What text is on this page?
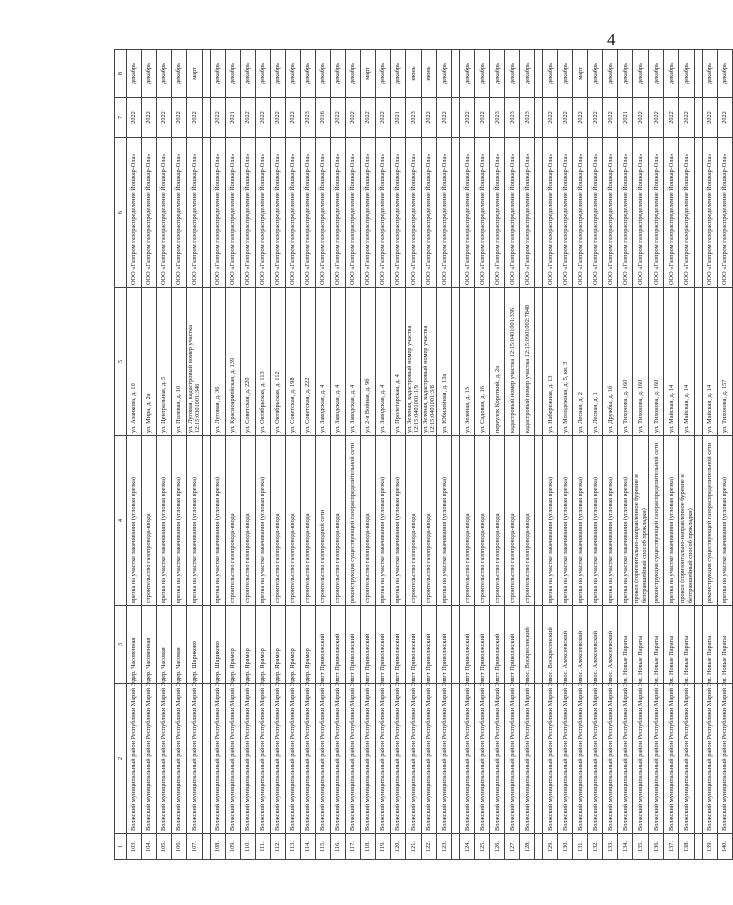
4
1	2	3	4	5	6	7	8
103.	Волжский муниципальный район Республики Марий Эл	дер. Часовенная	врезка на участке закачивания (угловая врезка)	ул. Азанкова, д. 10	ООО «Газпром газораспределение Йошкар-Ола»	2022	декабрь
104.	Волжский муниципальный район Республики Марий Эл	дер. Часовенная	строительство газопровода-ввода	ул. Мира, д. 2а	ООО «Газпром газораспределение Йошкар-Ола»	2022	декабрь
105.	Волжский муниципальный район Республики Марий Эл	дер. Часовая	врезка на участке закачивания (угловая врезка)	ул. Центральная, д. 5	ООО «Газпром газораспределение Йошкар-Ола»	2022	декабрь
106.	Волжский муниципальный район Республики Марий Эл	дер. Часовая	врезка на участке закачивания (угловая врезка)	ул. Полевая, д. 10	ООО «Газпром газораспределение Йошкар-Ола»	2022	декабрь
107.	Волжский муниципальный район Республики Марий Эл	дер. Шариково	врезка на участке закачивания (угловая врезка)	ул. Луговая, кадастровый номер участка 12:15:0301001:346	ООО «Газпром газораспределение Йошкар-Ола»	2022	март

108.	Волжский муниципальный район Республики Марий Эл	дер. Шариково	врезка на участке закачивания (угловая врезка)	ул. Луговая, д. 36	ООО «Газпром газораспределение Йошкар-Ола»	2022	декабрь
109.	Волжский муниципальный район Республики Марий Эл	дер. Ярамор	строительство газопровода-ввода	ул. Красноармейская, д. 139	ООО «Газпром газораспределение Йошкар-Ола»	2021	декабрь
110.	Волжский муниципальный район Республики Марий Эл	дер. Ярамор	строительство газопровода-ввода	ул. Советская, д. 220	ООО «Газпром газораспределение Йошкар-Ола»	2022	декабрь
111.	Волжский муниципальный район Республики Марий Эл	дер. Ярамор	врезка на участке закачивания (угловая врезка)	ул. Октябрьская, д. 113	ООО «Газпром газораспределение Йошкар-Ола»	2022	декабрь
112.	Волжский муниципальный район Республики Марий Эл	дер. Ярамор	строительство газопровода-ввода	ул. Октябрьская, д. 112	ООО «Газпром газораспределение Йошкар-Ола»	2022	декабрь
113.	Волжский муниципальный район Республики Марий Эл	дер. Ярамор	строительство газопровода-ввода	ул. Советская, д. 198	ООО «Газпром газораспределение Йошкар-Ола»	2022	декабрь
114.	Волжский муниципальный район Республики Марий Эл	дер. Ярамор	строительство газопровода-ввода	ул. Советская, д. 222	ООО «Газпром газораспределение Йошкар-Ола»	2023	декабрь
115.	Волжский муниципальный район Республики Марий Эл	пгт Приволжский	строительство газопроводной сети	ул. Заводская, д. 4	ООО «Газпром газораспределение Йошкар-Ола»	2016	декабрь
116.	Волжский муниципальный район Республики Марий Эл	пгт Приволжский	строительство газопровода-ввода	ул. Заводская, д. 4	ООО «Газпром газораспределение Йошкар-Ола»	2022	декабрь
117.	Волжский муниципальный район Республики Марий Эл	пгт Приволжский	реконструкция существующей газораспределительной сети	ул. Заводская, д. 4	ООО «Газпром газораспределение Йошкар-Ола»	2022	декабрь
118.	Волжский муниципальный район Республики Марий Эл	пгт Приволжский	строительство газопровода-ввода	ул. 2-я Войная, д. 9б	ООО «Газпром газораспределение Йошкар-Ола»	2022	март
119.	Волжский муниципальный район Республики Марий Эл	пгт Приволжский	врезка на участке закачивания (угловая врезка)	ул. Заводская, д. 4	ООО «Газпром газораспределение Йошкар-Ола»	2022	декабрь
120.	Волжский муниципальный район Республики Марий Эл	пгт Приволжский	врезка на участке закачивания (угловая врезка)	ул. Пролетарская, д. 4	ООО «Газпром газораспределение Йошкар-Ола»	2021	декабрь
121.	Волжский муниципальный район Республики Марий Эл	пгт Приволжский	строительство газопровода-ввода	ул. Зеленая, кадастровый номер участка 12:15:0401001:1/9	ООО «Газпром газораспределение Йошкар-Ола»	2023	июнь
122.	Волжский муниципальный район Республики Марий Эл	пгт Приволжский	строительство газопровода-ввода	ул. Зеленая, кадастровый номер участка 12:15:0401001:3/8	ООО «Газпром газораспределение Йошкар-Ола»	2022	июнь
123.	Волжский муниципальный район Республики Марий Эл	пгт Приволжский	врезка на участке закачивания (угловая врезка)	ул. Юбилейная, д. 13а	ООО «Газпром газораспределение Йошкар-Ола»	2022	декабрь

124.	Волжский муниципальный район Республики Марий Эл	пгт Приволжский	строительство газопровода-ввода	ул. Зеленая, д. 13	ООО «Газпром газораспределение Йошкар-Ола»	2022	декабрь
125.	Волжский муниципальный район Республики Марий Эл	пгт Приволжский	строительство газопровода-ввода	ул. Садовая, д. 16	ООО «Газпром газораспределение Йошкар-Ола»	2022	декабрь
126.	Волжский муниципальный район Республики Марий Эл	пгт Приволжский	строительство газопровода-ввода	переулок Короткий, д. 2а	ООО «Газпром газораспределение Йошкар-Ола»	2023	декабрь
127.	Волжский муниципальный район Республики Марий Эл	пгт Приволжский	строительство газопровода-ввода	кадастровый номер участка 12:15:0401001:336	ООО «Газпром газораспределение Йошкар-Ола»	2023	декабрь
128.	Волжский муниципальный район Республики Марий Эл	пос. Воскресенский	строительство газопровода-ввода	кадастровый номер участка 12:15:0901002:7848	ООО «Газпром газораспределение Йошкар-Ола»	2023	декабрь

129.	Волжский муниципальный район Республики Марий Эл	пос. Воскресенский	врезка на участке закачивания (угловая врезка)	ул. Набережная, д. 13	ООО «Газпром газораспределение Йошкар-Ола»	2022	декабрь
130.	Волжский муниципальный район Республики Марий Эл	пос. Алексеевский	врезка на участке закачивания (угловая врезка)	ул. Молодежная, д. 5, кв. 3	ООО «Газпром газораспределение Йошкар-Ола»	2022	декабрь
131.	Волжский муниципальный район Республики Марий Эл	пос. Алексеевский	врезка на участке закачивания (угловая врезка)	ул. Лесная, д. 2	ООО «Газпром газораспределение Йошкар-Ола»	2022	март
132.	Волжский муниципальный район Республики Марий Эл	пос. Алексеевский	врезка на участке закачивания (угловая врезка)	ул. Лесная, д. 1	ООО «Газпром газораспределение Йошкар-Ола»	2022	декабрь
133.	Волжский муниципальный район Республики Марий Эл	пос. Алексеевский	врезка на участке закачивания (угловая врезка)	ул. Дружбы, д. 1б	ООО «Газпром газораспределение Йошкар-Ола»	2022	декабрь
134.	Волжский муниципальный район Республики Марий Эл	с. Новые Параты	врезка на участке закачивания (угловая врезка)	ул. Тихонова, д. 160	ООО «Газпром газораспределение Йошкар-Ола»	2021	декабрь
135.	Волжский муниципальный район Республики Марий Эл	с. Новые Параты	прокол (горизонтально-направленное бурение и безтраншейный способ прокладки)	ул. Тихонова, д. 160	ООО «Газпром газораспределение Йошкар-Ола»	2022	декабрь
136.	Волжский муниципальный район Республики Марий Эл	с. Новые Параты	реконструкция существующей газораспределительной сети	ул. Тихонова, д. 160	ООО «Газпром газораспределение Йошкар-Ола»	2022	декабрь
137.	Волжский муниципальный район Республики Марий Эл	с. Новые Параты	врезка на участке закачивания (угловая врезка)	ул. Майская, д. 14	ООО «Газпром газораспределение Йошкар-Ола»	2022	декабрь
138.	Волжский муниципальный район Республики Марий Эл	с. Новые Параты	прокол (горизонтально-направленное бурение и безтраншейный способ прокладки)	ул. Майская, д. 14	ООО «Газпром газораспределение Йошкар-Ола»	2022	декабрь

139.	Волжский муниципальный район Республики Марий Эл	с. Новые Параты	реконструкция существующей газораспределительной сети	ул. Майская, д. 14	ООО «Газпром газораспределение Йошкар-Ола»	2022	декабрь
140.	Волжский муниципальный район Республики Марий Эл	с. Новые Параты	врезка на участке закачивания (угловая врезка)	ул. Тихонова, д. 157	ООО «Газпром газораспределение Йошкар-Ола»	2022	декабрь
